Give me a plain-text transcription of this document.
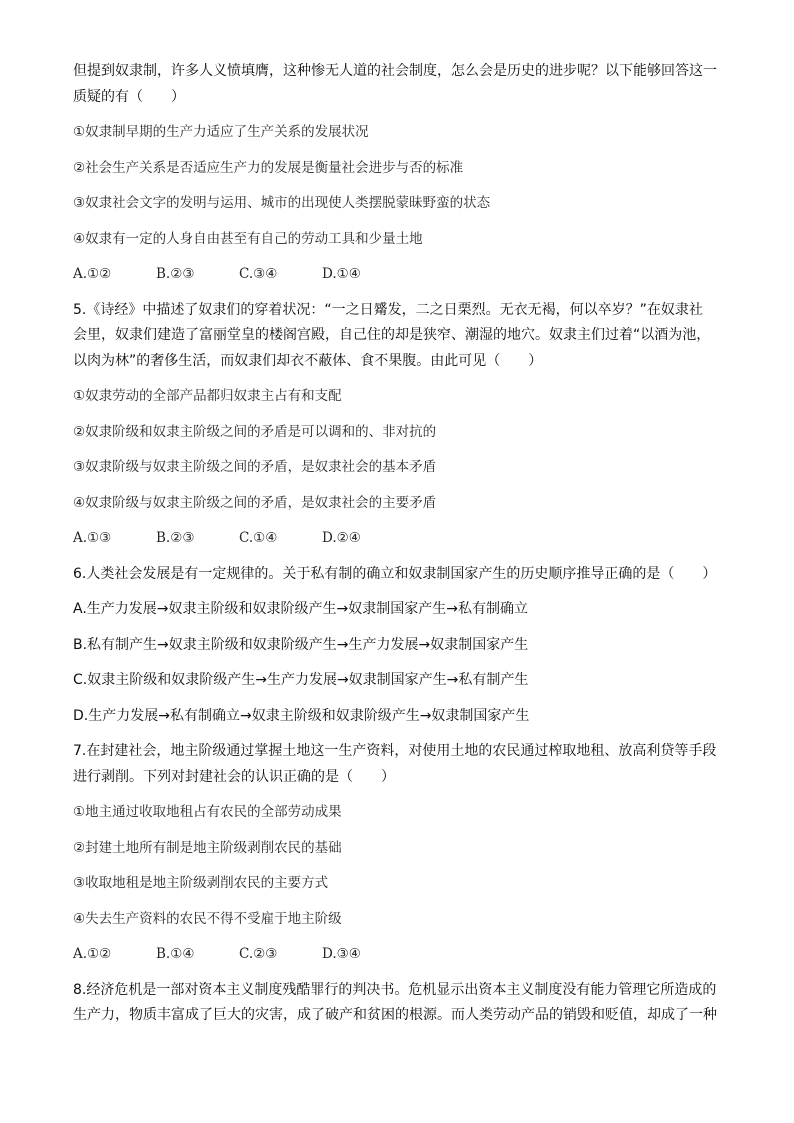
但提到奴隶制，许多人义愤填膺，这种惨无人道的社会制度，怎么会是历史的进步呢？以下能够回答这一
质疑的有（　　）
①奴隶制早期的生产力适应了生产关系的发展状况
②社会生产关系是否适应生产力的发展是衡量社会进步与否的标准
③奴隶社会文字的发明与运用、城市的出现使人类摆脱蒙昧野蛮的状态
④奴隶有一定的人身自由甚至有自己的劳动工具和少量土地
A.①②	B.②③	C.③④	D.①④
5.《诗经》中描述了奴隶们的穿着状况：“一之日觱发，二之日栗烈。无衣无褐，何以卒岁？”在奴隶社
会里，奴隶们建造了富丽堂皇的楼阁宫殿，自己住的却是狭窄、潮湿的地穴。奴隶主们过着“以酒为池，
以肉为林”的奢侈生活，而奴隶们却衣不蔽体、食不果腹。由此可见（　　）
①奴隶劳动的全部产品都归奴隶主占有和支配
②奴隶阶级和奴隶主阶级之间的矛盾是可以调和的、非对抗的
③奴隶阶级与奴隶主阶级之间的矛盾，是奴隶社会的基本矛盾
④奴隶阶级与奴隶主阶级之间的矛盾，是奴隶社会的主要矛盾
A.①③	B.②③	C.①④	D.②④
6.人类社会发展是有一定规律的。关于私有制的确立和奴隶制国家产生的历史顺序推导正确的是（　　）
A.生产力发展→奴隶主阶级和奴隶阶级产生→奴隶制国家产生→私有制确立
B.私有制产生→奴隶主阶级和奴隶阶级产生→生产力发展→奴隶制国家产生
C.奴隶主阶级和奴隶阶级产生→生产力发展→奴隶制国家产生→私有制产生
D.生产力发展→私有制确立→奴隶主阶级和奴隶阶级产生→奴隶制国家产生
7.在封建社会，地主阶级通过掌握土地这一生产资料，对使用土地的农民通过榨取地租、放高利贷等手段
进行剥削。下列对封建社会的认识正确的是（　　）
①地主通过收取地租占有农民的全部劳动成果
②封建土地所有制是地主阶级剥削农民的基础
③收取地租是地主阶级剥削农民的主要方式
④失去生产资料的农民不得不受雇于地主阶级
A.①②	B.①④	C.②③	D.③④
8.经济危机是一部对资本主义制度残酷罪行的判决书。危机显示出资本主义制度没有能力管理它所造成的
生产力，物质丰富成了巨大的灾害，成了破产和贫困的根源。而人类劳动产品的销毁和贬值，却成了一种
